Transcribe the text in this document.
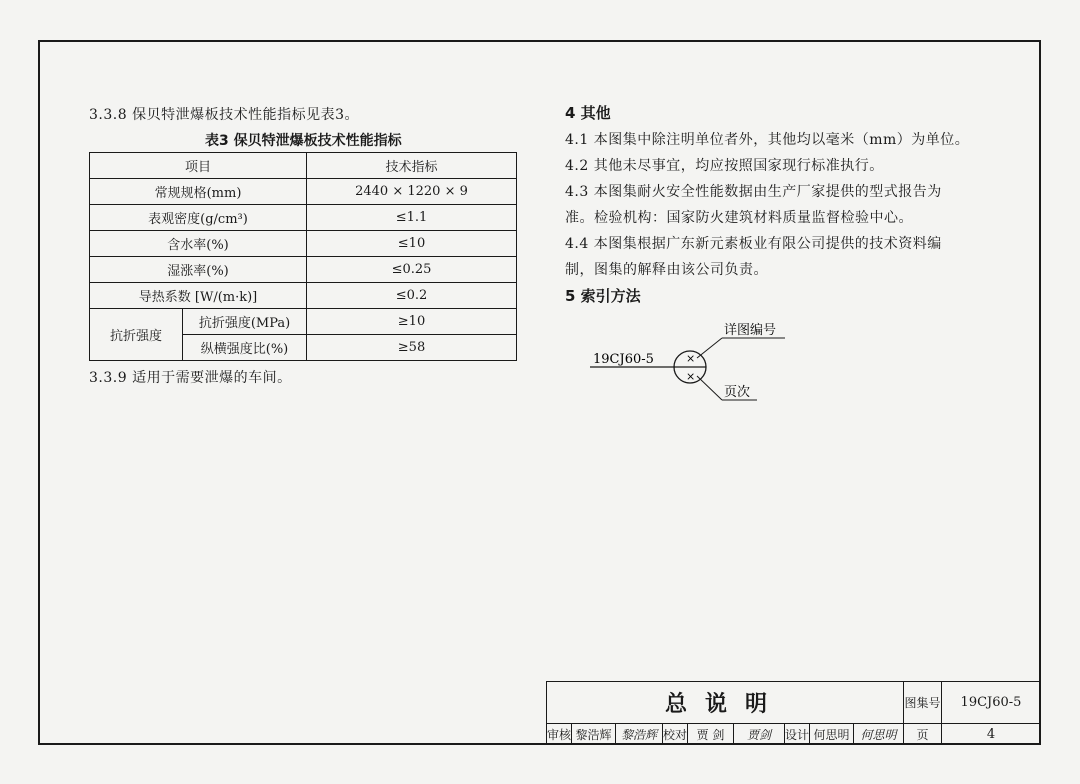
3.3.8 保贝特泄爆板技术性能指标见表3。
表3 保贝特泄爆板技术性能指标
项目		技术指标
常规规格(mm)		2440 × 1220 × 9
表观密度(g/cm³)		≤1.1
含水率(%)		≤10
湿涨率(%)		≤0.25
导热系数 [W/(m·k)]		≤0.2
抗折强度	抗折强度(MPa)	≥10
	纵横强度比(%)	≥58
3.3.9 适用于需要泄爆的车间。
4 其他
4.1 本图集中除注明单位者外，其他均以毫米（mm）为单位。
4.2 其他未尽事宜，均应按照国家现行标准执行。
4.3 本图集耐火安全性能数据由生产厂家提供的型式报告为
准。检验机构：国家防火建筑材料质量监督检验中心。
4.4 本图集根据广东新元素板业有限公司提供的技术资料编
制，图集的解释由该公司负责。
5 索引方法
×
×
19CJ60-5
详图编号
页次
总说明	图集号	19CJ60-5
审核 黎浩辉 黎浩辉 校对 贾 剑	贾剑	设计 何思明 何思明	页	4
